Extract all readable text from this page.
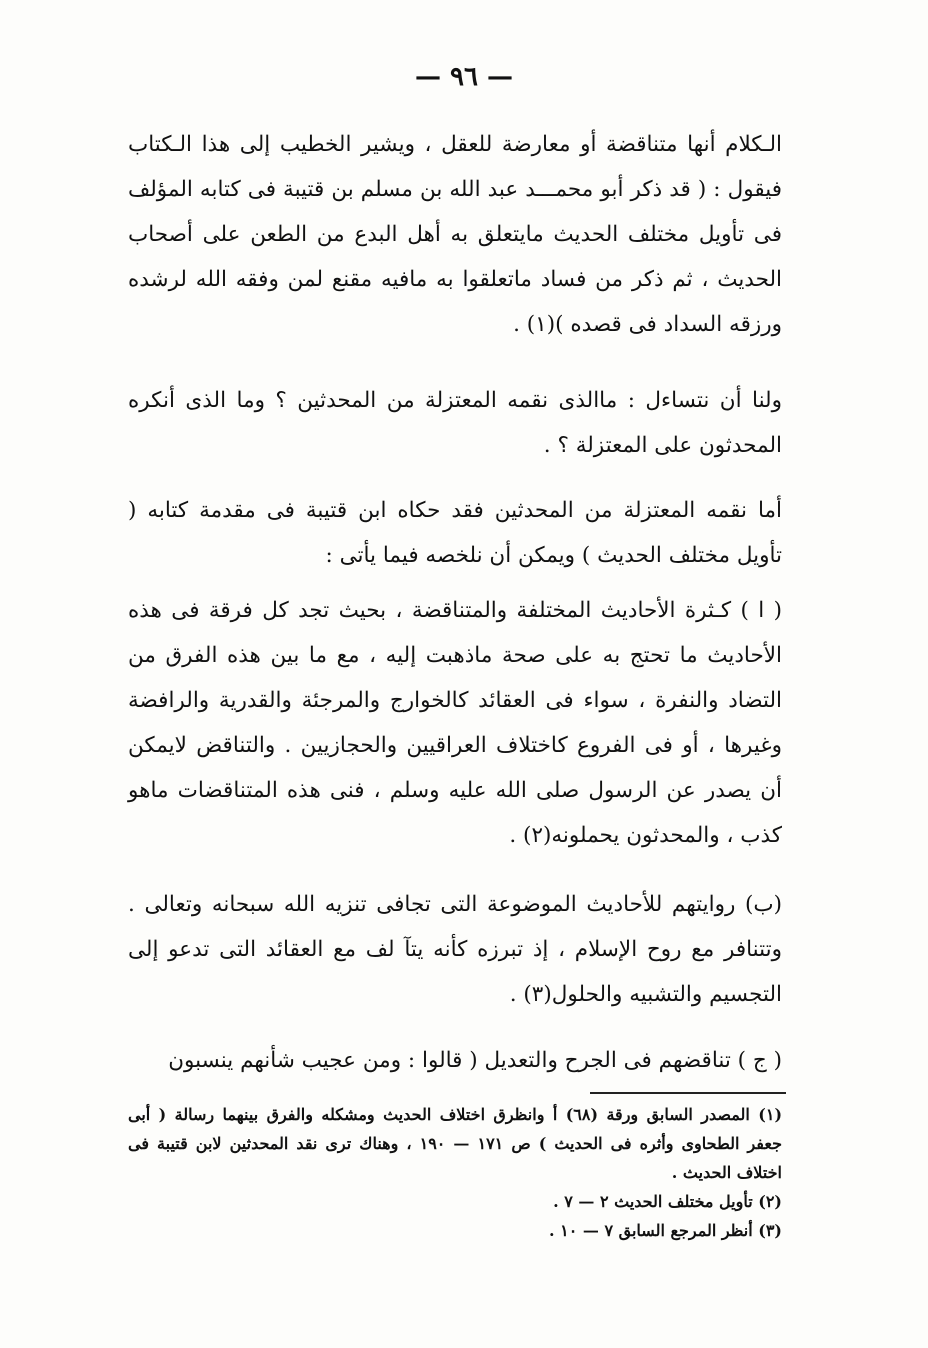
— ٩٦ —

الـكلام أنها متناقضة أو معارضة للعقل ، ويشير الخطيب إلى هذا الـكتاب فيقول : ( قد ذكر أبو محمـــد عبد الله بن مسلم بن قتيبة فى كتابه المؤلف فى تأويل مختلف الحديث مايتعلق به أهل البدع من الطعن على أصحاب الحديث ، ثم ذكر من فساد ماتعلقوا به مافيه مقنع لمن وفقه الله لرشده ورزقه السداد فى قصده )(١) .

ولنا أن نتساءل : ماالذى نقمه المعتزلة من المحدثين ؟ وما الذى أنكره المحدثون على المعتزلة ؟ .

أما نقمه المعتزلة من المحدثين فقد حكاه ابن قتيبة فى مقدمة كتابه ( تأويل مختلف الحديث ) ويمكن أن نلخصه فيما يأتى :

( ا ) كـثرة الأحاديث المختلفة والمتناقضة ، بحيث تجد كل فرقة فى هذه الأحاديث ما تحتج به على صحة ماذهبت إليه ، مع ما بين هذه الفرق من التضاد والنفرة ، سواء فى العقائد كالخوارج والمرجئة والقدرية والرافضة وغيرها ، أو فى الفروع كاختلاف العراقيين والحجازيين . والتناقض لايمكن أن يصدر عن الرسول صلى الله عليه وسلم ، فنى هذه المتناقضات ماهو كذب ، والمحدثون يحملونه(٢) .

(ب) روايتهم للأحاديث الموضوعة التى تجافى تنزيه الله سبحانه وتعالى . وتتنافر مع روح الإسلام ، إذ تبرزه كأنه يتآ لف مع العقائد التى تدعو إلى التجسيم والتشبيه والحلول(٣) .

( ج ) تناقضهم فى الجرح والتعديل ( قالوا : ومن عجيب شأنهم ينسبون

(١) المصدر السابق ورقة (٦٨) أ وانظرق اختلاف الحديث ومشكله والفرق بينهما رسالة ( أبى جعفر الطحاوى وأثره فى الحديث ) ص ١٧١ — ١٩٠ ، وهناك ترى نقد المحدثين لابن قتيبة فى اختلاف الحديث .

(٢) تأويل مختلف الحديث ٢ — ٧ .

(٣) أنظر المرجع السابق ٧ — ١٠ .
